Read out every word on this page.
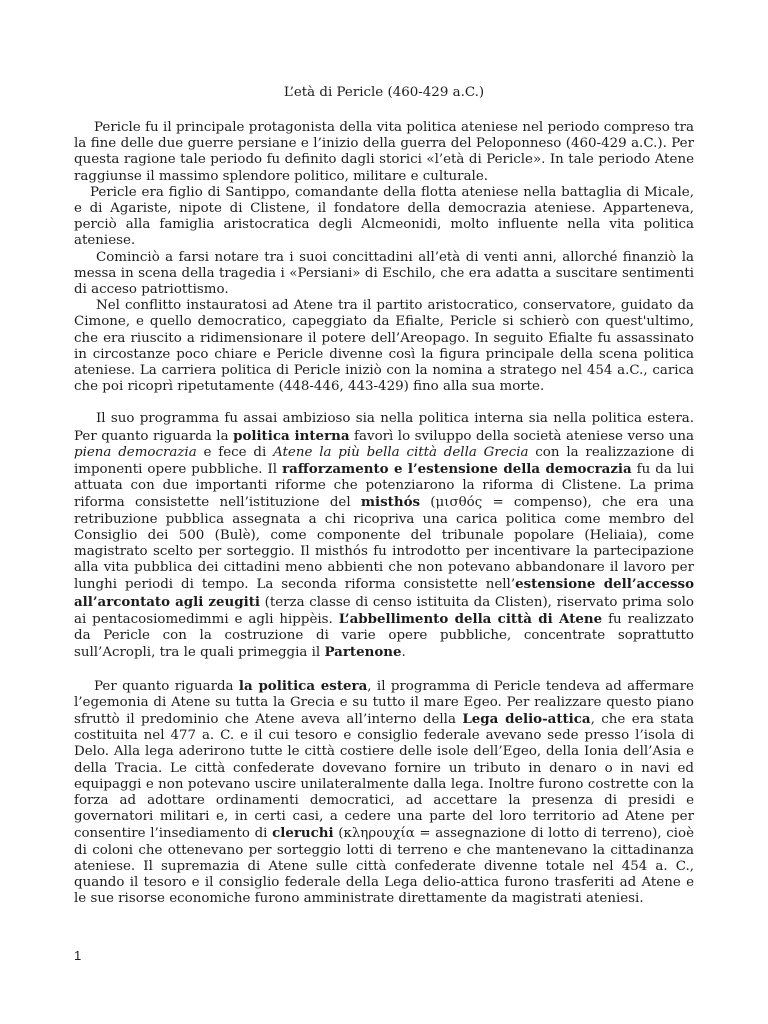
L’età di Pericle (460-429 a.C.)

Pericle fu il principale protagonista della vita politica ateniese nel periodo compreso tra la fine delle due guerre persiane e l’inizio della guerra del Peloponneso (460-429 a.C.). Per questa ragione tale periodo fu definito dagli storici «l’età di Pericle». In tale periodo Atene raggiunse il massimo splendore politico, militare e culturale.

Pericle era figlio di Santippo, comandante della flotta ateniese nella battaglia di Micale, e di Agariste, nipote di Clistene, il fondatore della democrazia ateniese. Apparteneva, perciò alla famiglia aristocratica degli Alcmeonidi, molto influente nella vita politica ateniese.

Cominciò a farsi notare tra i suoi concittadini all’età di venti anni, allorché finanziò la messa in scena della tragedia i «Persiani» di Eschilo, che era adatta a suscitare sentimenti di acceso patriottismo.

Nel conflitto instauratosi ad Atene tra il partito aristocratico, conservatore, guidato da Cimone, e quello democratico, capeggiato da Efialte, Pericle si schierò con quest'ultimo, che era riuscito a ridimensionare il potere dell’Areopago. In seguito Efialte fu assassinato in circostanze poco chiare e Pericle divenne così la figura principale della scena politica ateniese. La carriera politica di Pericle iniziò con la nomina a stratego nel 454 a.C., carica che poi ricoprì ripetutamente (448-446, 443-429) fino alla sua morte.

Il suo programma fu assai ambizioso sia nella politica interna sia nella politica estera. Per quanto riguarda la politica interna favorì lo sviluppo della società ateniese verso una piena democrazia e fece di Atene la più bella città della Grecia con la realizzazione di imponenti opere pubbliche. Il rafforzamento e l’estensione della democrazia fu da lui attuata con due importanti riforme che potenziarono la riforma di Clistene. La prima riforma consistette nell’istituzione del misthós (μισθός = compenso), che era una retribuzione pubblica assegnata a chi ricopriva una carica politica come membro del Consiglio dei 500 (Bulè), come componente del tribunale popolare (Heliaia), come magistrato scelto per sorteggio. Il misthós fu introdotto per incentivare la partecipazione alla vita pubblica dei cittadini meno abbienti che non potevano abbandonare il lavoro per lunghi periodi di tempo. La seconda riforma consistette nell’estensione dell’accesso all’arcontato agli zeugiti (terza classe di censo istituita da Clisten), riservato prima solo ai pentacosiomedimmi e agli hippèis. L’abbellimento della città di Atene fu realizzato da Pericle con la costruzione di varie opere pubbliche, concentrate soprattutto sull’Acropli, tra le quali primeggia il Partenone.

Per quanto riguarda la politica estera, il programma di Pericle tendeva ad affermare l’egemonia di Atene su tutta la Grecia e su tutto il mare Egeo. Per realizzare questo piano sfruttò il predominio che Atene aveva all’interno della Lega delio-attica, che era stata costituita nel 477 a. C. e il cui tesoro e consiglio federale avevano sede presso l’isola di Delo. Alla lega aderirono tutte le città costiere delle isole dell’Egeo, della Ionia dell’Asia e della Tracia. Le città confederate dovevano fornire un tributo in denaro o in navi ed equipaggi e non potevano uscire unilateralmente dalla lega. Inoltre furono costrette con la forza ad adottare ordinamenti democratici, ad accettare la presenza di presidi e governatori militari e, in certi casi, a cedere una parte del loro territorio ad Atene per consentire l’insediamento di cleruchi (κληρουχία = assegnazione di lotto di terreno), cioè di coloni che ottenevano per sorteggio lotti di terreno e che mantenevano la cittadinanza ateniese. Il supremazia di Atene sulle città confederate divenne totale nel 454 a. C., quando il tesoro e il consiglio federale della Lega delio-attica furono trasferiti ad Atene e le sue risorse economiche furono amministrate direttamente da magistrati ateniesi.

1
